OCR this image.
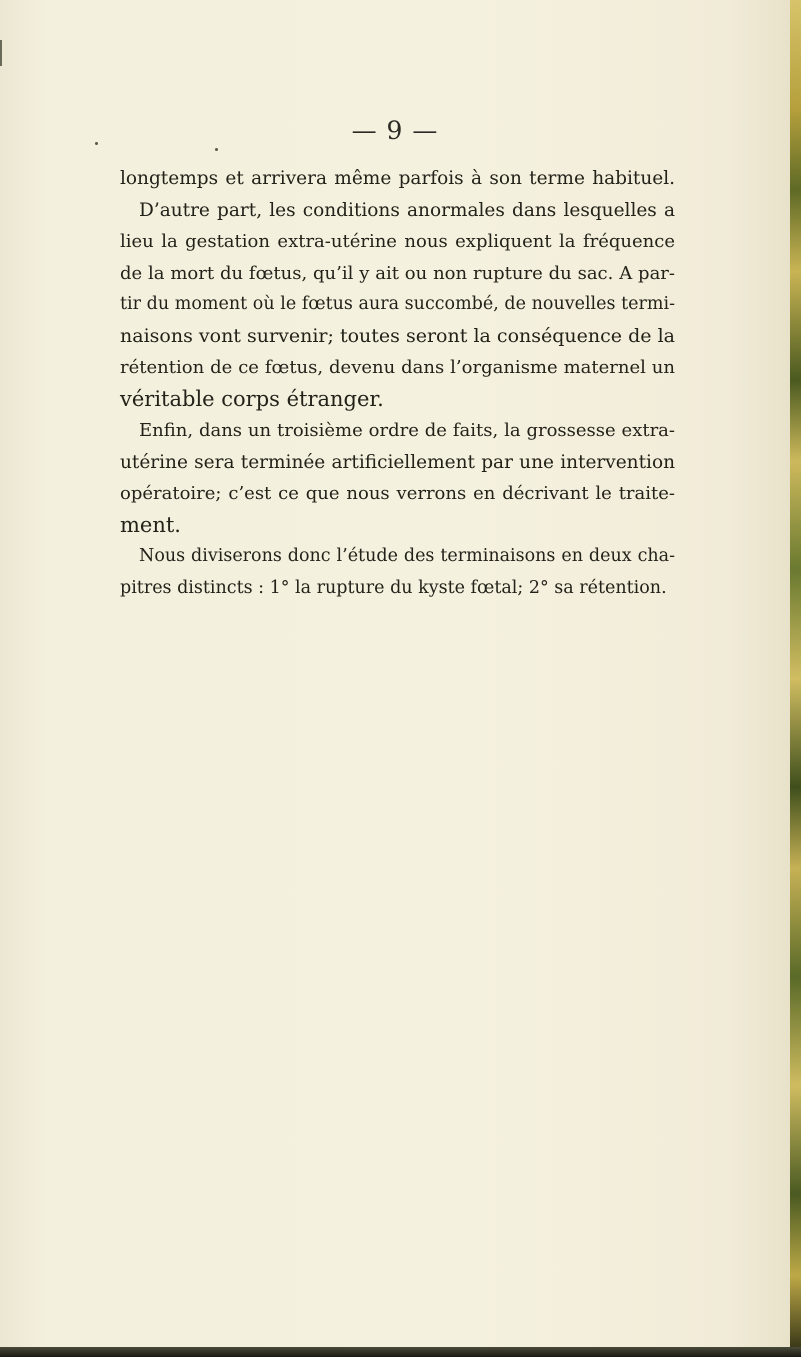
— 9 —
longtemps et arrivera même parfois à son terme habituel.
D’autre part, les conditions anormales dans lesquelles a
lieu la gestation extra-utérine nous expliquent la fréquence
de la mort du fœtus, qu’il y ait ou non rupture du sac. A par-
tir du moment où le fœtus aura succombé, de nouvelles termi-
naisons vont survenir; toutes seront la conséquence de la
rétention de ce fœtus, devenu dans l’organisme maternel un
véritable corps étranger.
Enfin, dans un troisième ordre de faits, la grossesse extra-
utérine sera terminée artificiellement par une intervention
opératoire; c’est ce que nous verrons en décrivant le traite-
ment.
Nous diviserons donc l’étude des terminaisons en deux cha-
pitres distincts : 1° la rupture du kyste fœtal; 2° sa rétention.
